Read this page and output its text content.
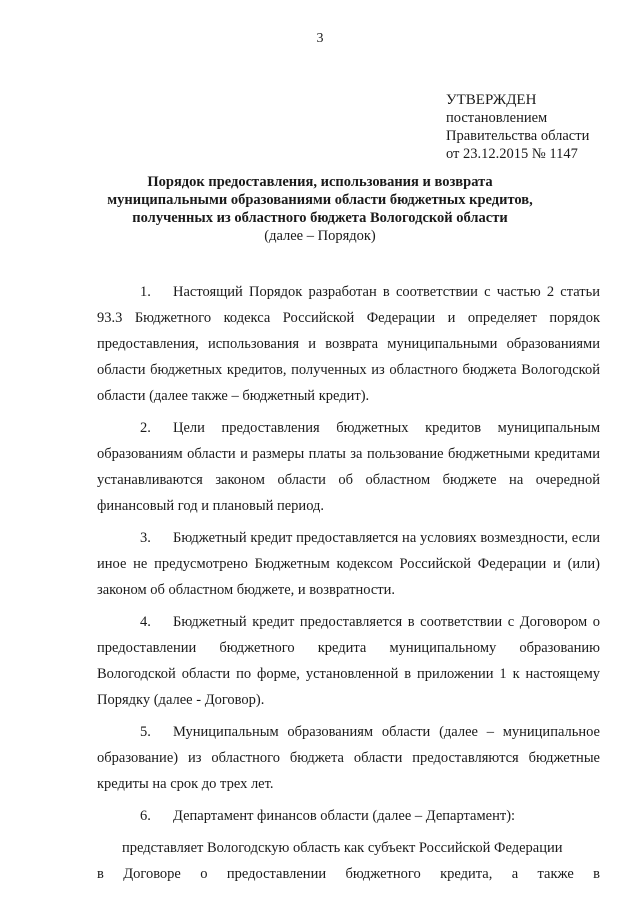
3
УТВЕРЖДЕН
постановлением
Правительства области
от 23.12.2015 № 1147
Порядок предоставления, использования и возврата
муниципальными образованиями области бюджетных кредитов,
полученных из областного бюджета Вологодской области
(далее – Порядок)

1. Настоящий Порядок разработан в соответствии с частью 2 статьи 93.3 Бюджетного кодекса Российской Федерации и определяет порядок предоставления, использования и возврата муниципальными образованиями области бюджетных кредитов, полученных из областного бюджета Вологодской области (далее также – бюджетный кредит).

2. Цели предоставления бюджетных кредитов муниципальным образованиям области и размеры платы за пользование бюджетными кредитами устанавливаются законом области об областном бюджете на очередной финансовый год и плановый период.

3. Бюджетный кредит предоставляется на условиях возмездности, если иное не предусмотрено Бюджетным кодексом Российской Федерации и (или) законом об областном бюджете, и возвратности.

4. Бюджетный кредит предоставляется в соответствии с Договором о предоставлении бюджетного кредита муниципальному образованию Вологодской области по форме, установленной в приложении 1 к настоящему Порядку (далее - Договор).

5. Муниципальным образованиям области (далее – муниципальное образование) из областного бюджета области предоставляются бюджетные кредиты на срок до трех лет.

6. Департамент финансов области (далее – Департамент):

представляет Вологодскую область как субъект Российской Федерации

в Договоре о предоставлении бюджетного кредита, а также в
